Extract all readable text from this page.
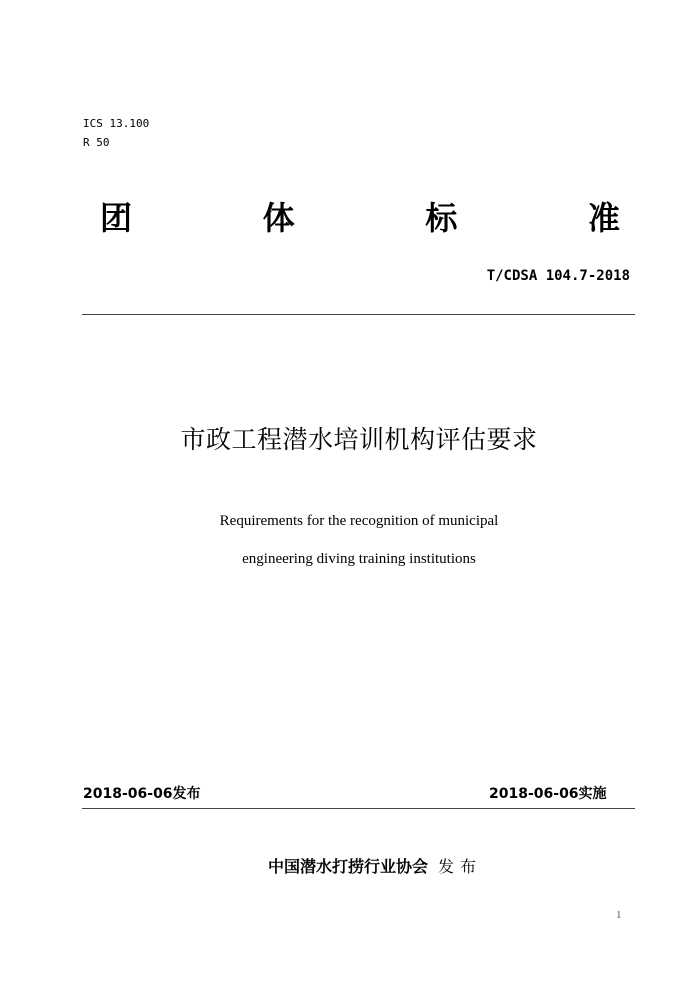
ICS 13.100
R 50
团	体	标	准
T/CDSA 104.7-2018
市政工程潜水培训机构评估要求
Requirements for the recognition of municipal
engineering diving training institutions
2018-06-06发布	2018-06-06实施
中国潜水打捞行业协会 发布
1
